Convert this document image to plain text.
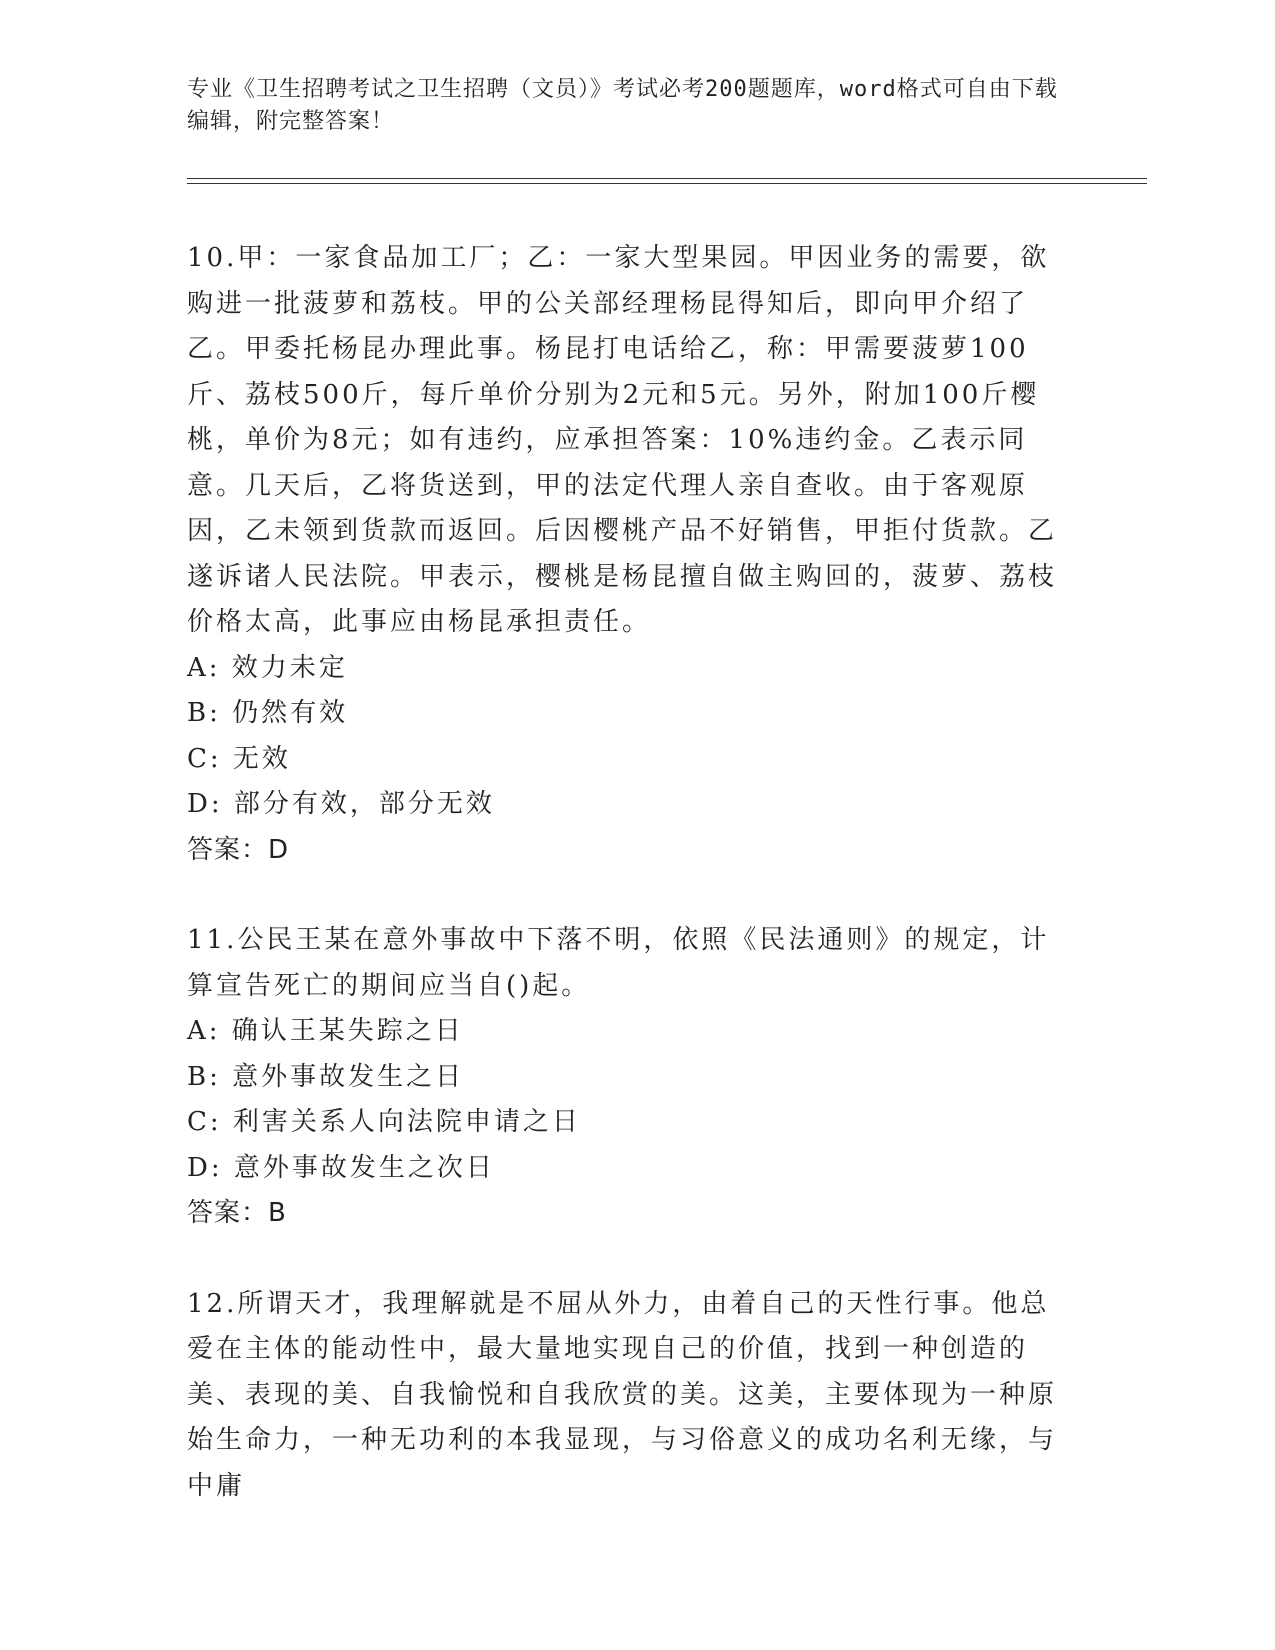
专业《卫生招聘考试之卫生招聘（文员）》考试必考200题题库，word格式可自由下载编辑，附完整答案！

10.甲：一家食品加工厂；乙：一家大型果园。甲因业务的需要，欲购进一批菠萝和荔枝。甲的公关部经理杨昆得知后，即向甲介绍了乙。甲委托杨昆办理此事。杨昆打电话给乙，称：甲需要菠萝100斤、荔枝500斤，每斤单价分别为2元和5元。另外，附加100斤樱桃，单价为8元；如有违约，应承担答案：10%违约金。乙表示同意。几天后，乙将货送到，甲的法定代理人亲自查收。由于客观原因，乙未领到货款而返回。后因樱桃产品不好销售，甲拒付货款。乙遂诉诸人民法院。甲表示，樱桃是杨昆擅自做主购回的，菠萝、荔枝价格太高，此事应由杨昆承担责任。

A: 效力未定

B: 仍然有效

C: 无效

D: 部分有效，部分无效

答案：D

11.公民王某在意外事故中下落不明，依照《民法通则》的规定，计算宣告死亡的期间应当自()起。

A: 确认王某失踪之日

B: 意外事故发生之日

C: 利害关系人向法院申请之日

D: 意外事故发生之次日

答案：B

12.所谓天才，我理解就是不屈从外力，由着自己的天性行事。他总爱在主体的能动性中，最大量地实现自己的价值，找到一种创造的美、表现的美、自我愉悦和自我欣赏的美。这美，主要体现为一种原始生命力，一种无功利的本我显现，与习俗意义的成功名利无缘，与中庸
